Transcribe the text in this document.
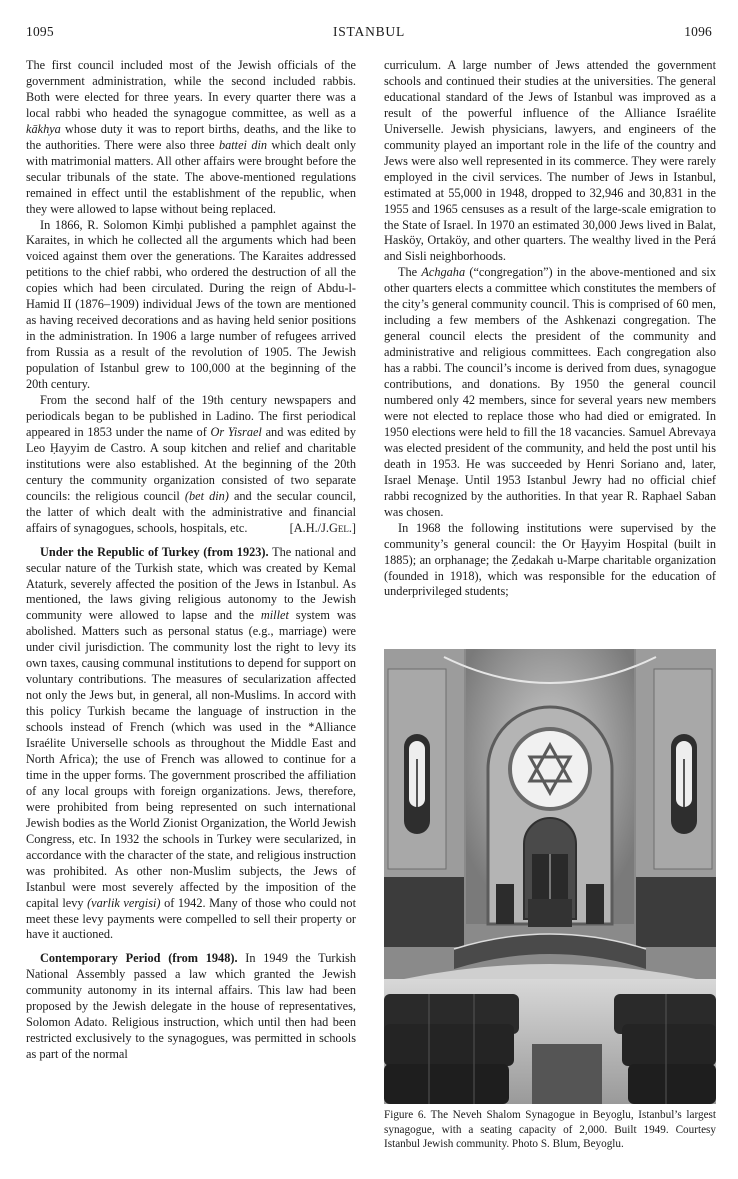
1095	ISTANBUL	1096

The first council included most of the Jewish officials of the government administration, while the second included rabbis. Both were elected for three years. In every quarter there was a local rabbi who headed the synagogue committee, as well as a kākhya whose duty it was to report births, deaths, and the like to the authorities. There were also three battei din which dealt only with matrimonial matters. All other affairs were brought before the secular tribunals of the state. The above-mentioned regulations remained in effect until the establishment of the republic, when they were allowed to lapse without being replaced.

In 1866, R. Solomon Kimḥi published a pamphlet against the Karaites, in which he collected all the arguments which had been voiced against them over the generations. The Karaites addressed petitions to the chief rabbi, who ordered the destruction of all the copies which had been circulated. During the reign of Abdu-l-Hamid II (1876–1909) individual Jews of the town are mentioned as having received decorations and as having held senior positions in the administration. In 1906 a large number of refugees arrived from Russia as a result of the revolution of 1905. The Jewish population of Istanbul grew to 100,000 at the beginning of the 20th century.

From the second half of the 19th century newspapers and periodicals began to be published in Ladino. The first periodical appeared in 1853 under the name of Or Yisrael and was edited by Leo Ḥayyim de Castro. A soup kitchen and relief and charitable institutions were also established. At the beginning of the 20th century the community organization consisted of two separate councils: the religious council (bet din) and the secular council, the latter of which dealt with the administrative and financial affairs of synagogues, schools, hospitals, etc.	[A.H./J.Gel.]

Under the Republic of Turkey (from 1923). The national and secular nature of the Turkish state, which was created by Kemal Ataturk, severely affected the position of the Jews in Istanbul. As mentioned, the laws giving religious autonomy to the Jewish community were allowed to lapse and the millet system was abolished. Matters such as personal status (e.g., marriage) were under civil jurisdiction. The community lost the right to levy its own taxes, causing communal institutions to depend for support on voluntary contributions. The measures of secularization affected not only the Jews but, in general, all non-Muslims. In accord with this policy Turkish became the language of instruction in the schools instead of French (which was used in the *Alliance Israélite Universelle schools as throughout the Middle East and North Africa); the use of French was allowed to continue for a time in the upper forms. The government proscribed the affiliation of any local groups with foreign organizations. Jews, therefore, were prohibited from being represented on such international Jewish bodies as the World Zionist Organization, the World Jewish Congress, etc. In 1932 the schools in Turkey were secularized, in accordance with the character of the state, and religious instruction was prohibited. As other non-Muslim subjects, the Jews of Istanbul were most severely affected by the imposition of the capital levy (varlik vergisi) of 1942. Many of those who could not meet these levy payments were compelled to sell their property or have it auctioned.

Contemporary Period (from 1948). In 1949 the Turkish National Assembly passed a law which granted the Jewish community autonomy in its internal affairs. This law had been proposed by the Jewish delegate in the house of representatives, Solomon Adato. Religious instruction, which until then had been restricted exclusively to the synagogues, was permitted in schools as part of the normal

curriculum. A large number of Jews attended the government schools and continued their studies at the universities. The general educational standard of the Jews of Istanbul was improved as a result of the powerful influence of the Alliance Israélite Universelle. Jewish physicians, lawyers, and engineers of the community played an important role in the life of the country and Jews were also well represented in its commerce. They were rarely employed in the civil services. The number of Jews in Istanbul, estimated at 55,000 in 1948, dropped to 32,946 and 30,831 in the 1955 and 1965 censuses as a result of the large-scale emigration to the State of Israel. In 1970 an estimated 30,000 Jews lived in Balat, Hasköy, Ortaköy, and other quarters. The wealthy lived in the Perá and Sisli neighborhoods.

The Achgaha (“congregation”) in the above-mentioned and six other quarters elects a committee which constitutes the members of the city’s general community council. This is comprised of 60 men, including a few members of the Ashkenazi congregation. The general council elects the president of the community and administrative and religious committees. Each congregation also has a rabbi. The council’s income is derived from dues, synagogue contributions, and donations. By 1950 the general council numbered only 42 members, since for several years new members were not elected to replace those who had died or emigrated. In 1950 elections were held to fill the 18 vacancies. Samuel Abrevaya was elected president of the community, and held the post until his death in 1953. He was succeeded by Henri Soriano and, later, Israel Menaşe. Until 1953 Istanbul Jewry had no official chief rabbi recognized by the authorities. In that year R. Raphael Saban was chosen.

In 1968 the following institutions were supervised by the community’s general council: the Or Ḥayyim Hospital (built in 1885); an orphanage; the Ẓedakah u-Marpe charitable organization (founded in 1918), which was responsible for the education of underprivileged students;

Figure 6. The Neveh Shalom Synagogue in Beyoglu, Istanbul’s largest synagogue, with a seating capacity of 2,000. Built 1949. Courtesy Istanbul Jewish community. Photo S. Blum, Beyoglu.
